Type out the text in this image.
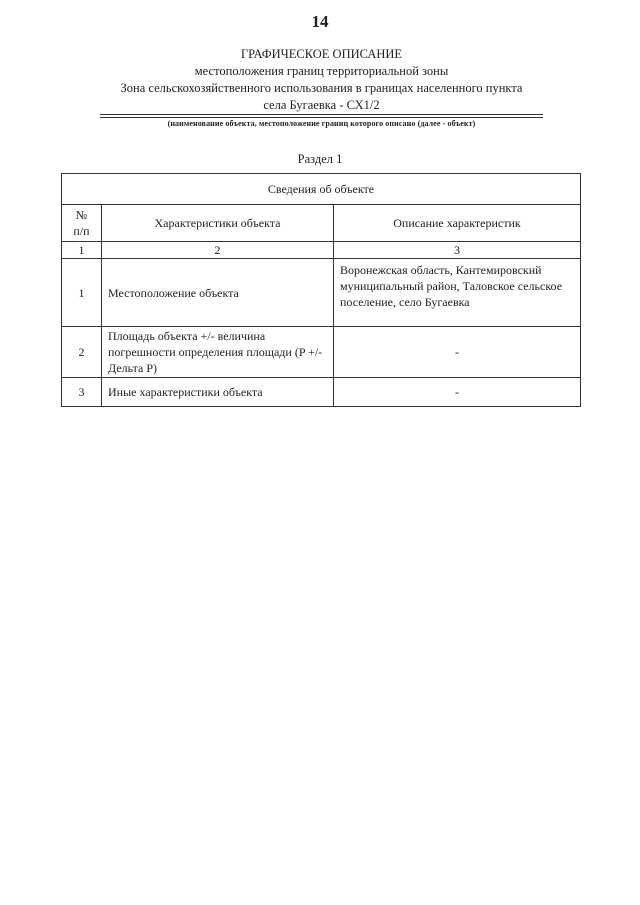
14
ГРАФИЧЕСКОЕ ОПИСАНИЕ
местоположения границ территориальной зоны
Зона сельскохозяйственного использования в границах населенного пункта
села Бугаевка - СХ1/2
(наименование объекта, местоположение границ которого описано (далее - объект)
Раздел 1
Сведения об объекте		
№
п/п	Характеристики объекта	Описание характеристик
1	2	3
1	Местоположение объекта	Воронежская область, Кантемировский муниципальный район, Таловское сельское поселение, село Бугаевка
2	Площадь объекта +/- величина погрешности определения площади (P +/- Дельта P)	-
3	Иные характеристики объекта	-
